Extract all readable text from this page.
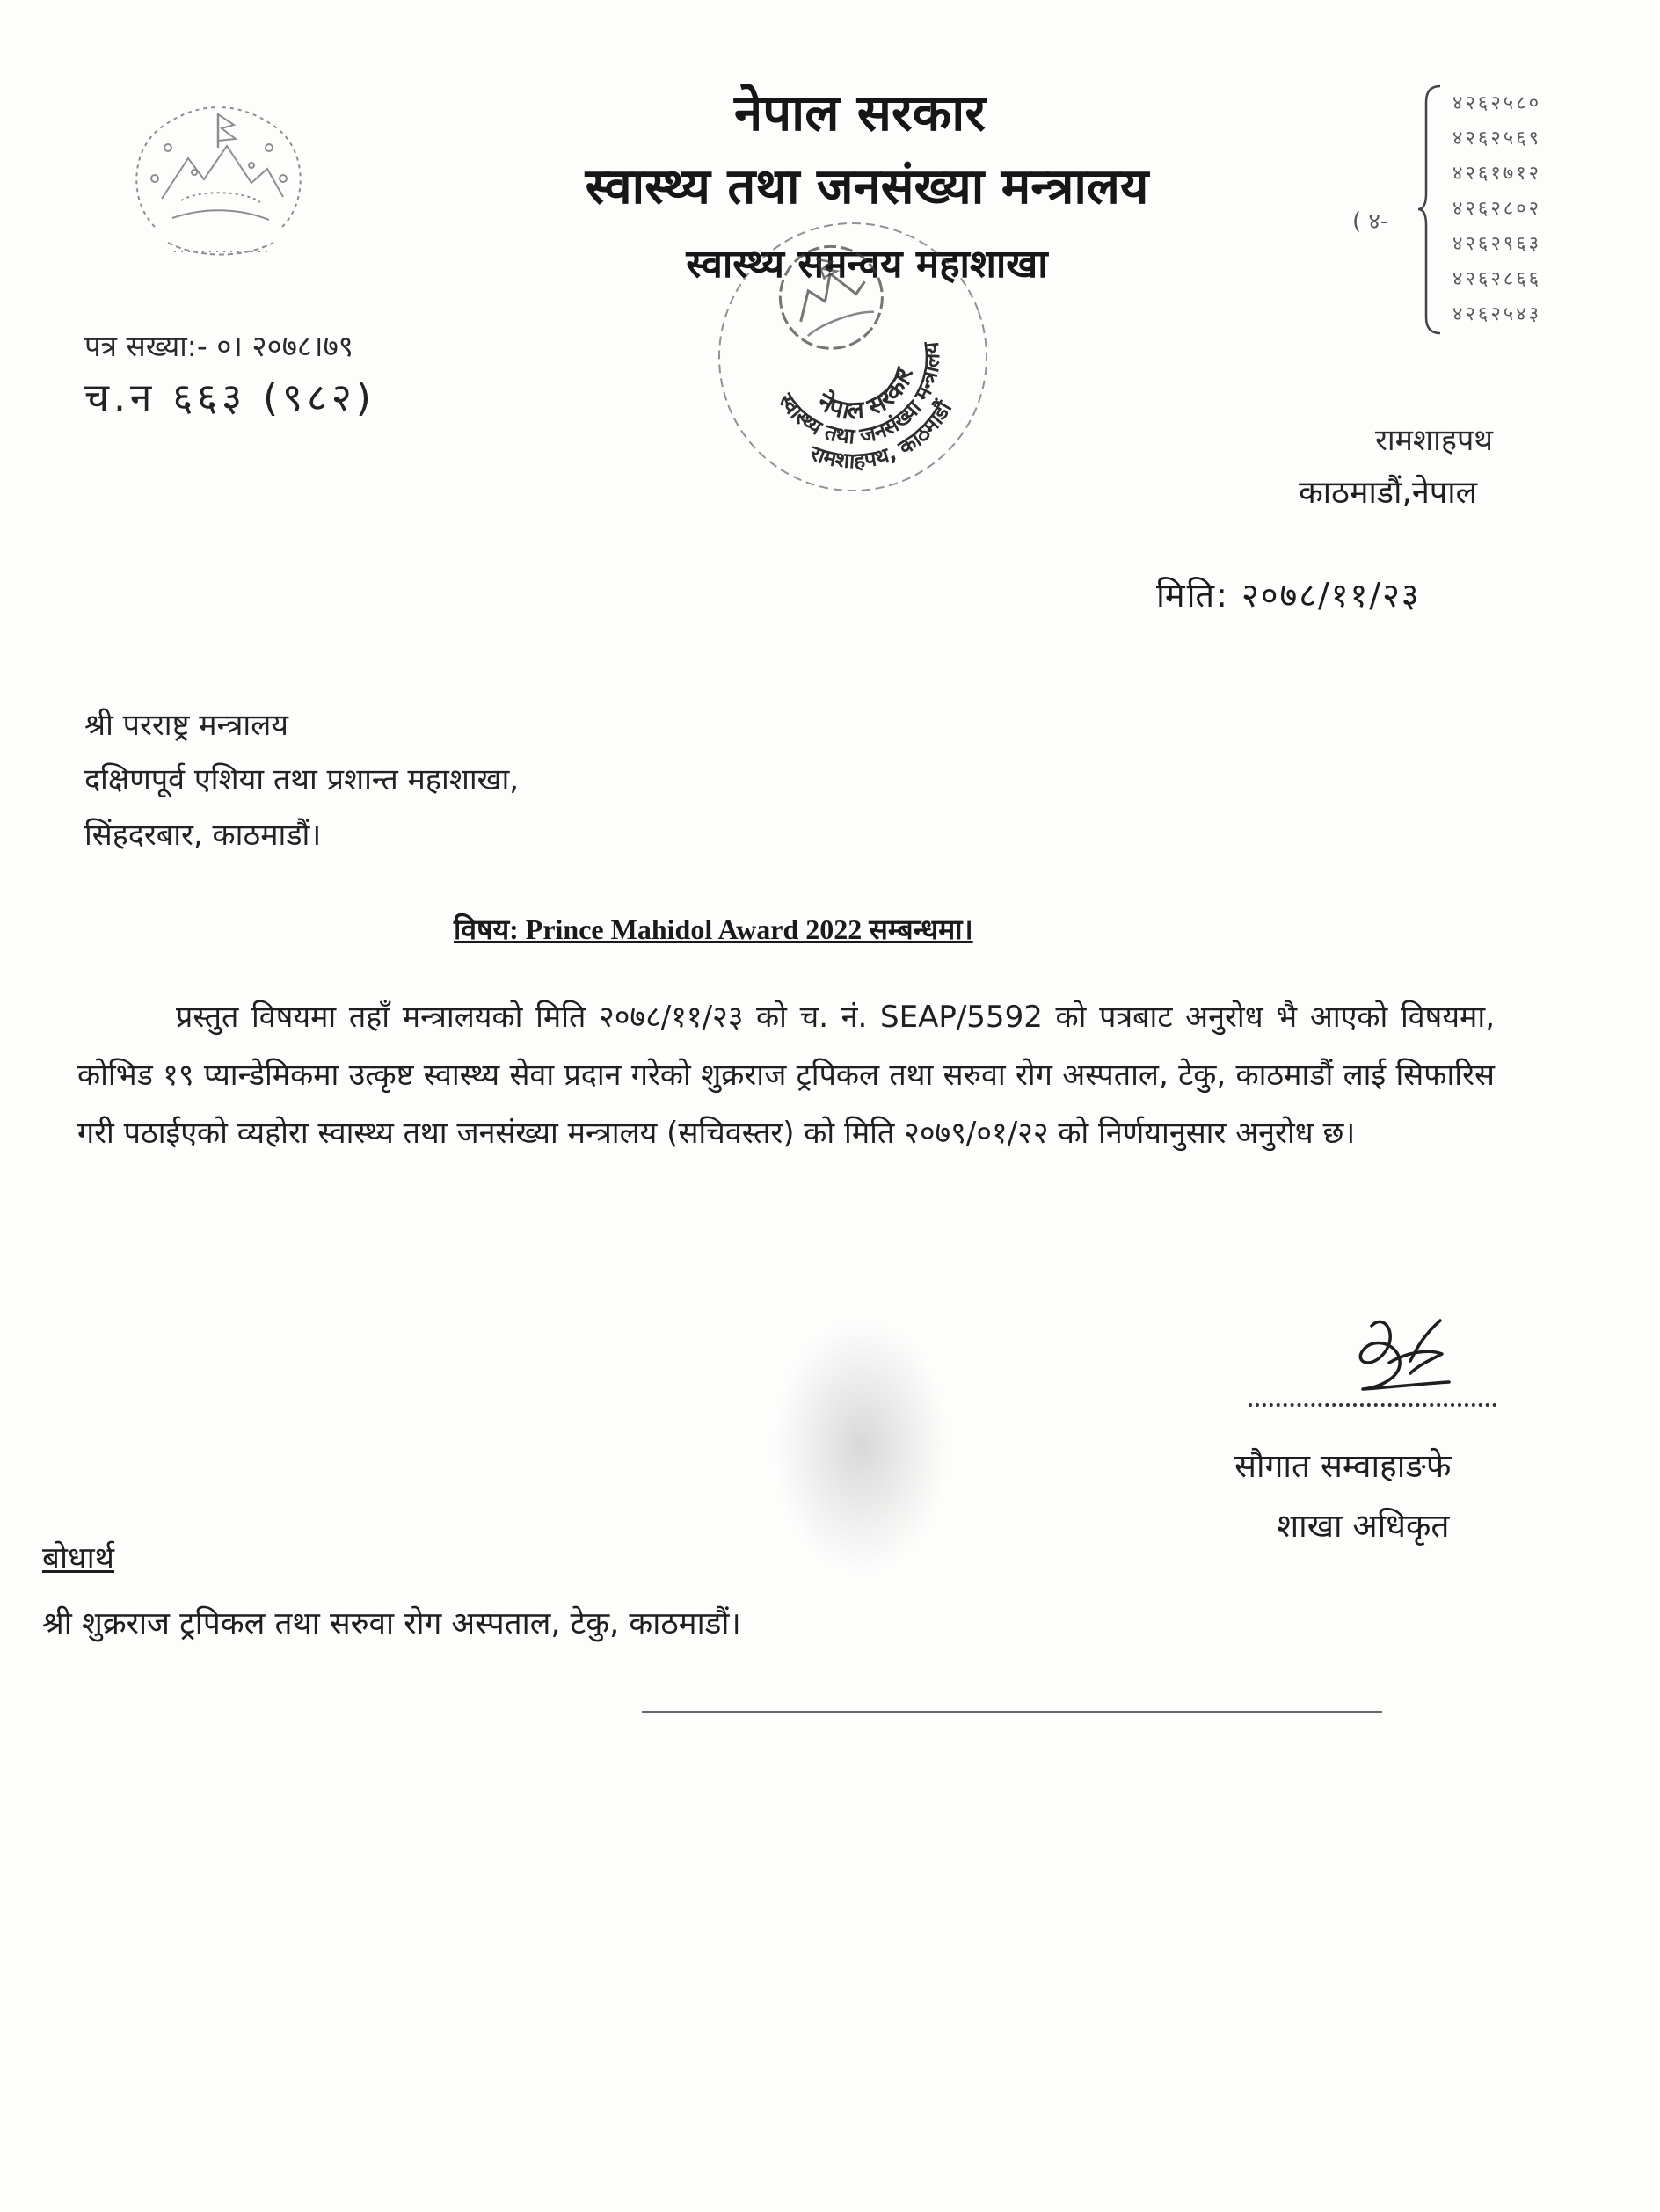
नेपाल सरकार
स्वास्थ्य तथा जनसंख्या मन्त्रालय
स्वास्थ्य समन्वय महाशाखा
नेपाल सरकार
स्वास्थ्य तथा जनसंख्या मन्त्रालय
रामशाहपथ, काठमाडौं
( ४-
४२६२५८०
४२६२५६९
४२६१७१२
४२६२८०२
४२६२९६३
४२६२८६६
४२६२५४३
पत्र सख्या:- ०। २०७८।७९
च.न ६६३ (९८२)
रामशाहपथ
काठमाडौं,नेपाल
मिति: २०७८/११/२३
श्री परराष्ट्र मन्त्रालय
दक्षिणपूर्व एशिया तथा प्रशान्त महाशाखा,
सिंहदरबार, काठमाडौं।
विषय: Prince Mahidol Award 2022 सम्बन्धमा।
प्रस्तुत विषयमा तहाँ मन्त्रालयको मिति २०७८/११/२३ को च. नं. SEAP/5592 को पत्रबाट अनुरोध भै आएको विषयमा, कोभिड १९ प्यान्डेमिकमा उत्कृष्ट स्वास्थ्य सेवा प्रदान गरेको शुक्रराज ट्रपिकल तथा सरुवा रोग अस्पताल, टेकु, काठमाडौं लाई सिफारिस गरी पठाईएको व्यहोरा स्वास्थ्य तथा जनसंख्या मन्त्रालय (सचिवस्तर) को मिति २०७९/०१/२२ को निर्णयानुसार अनुरोध छ।
सौगात सम्वाहाङफे
शाखा अधिकृत
बोधार्थ
श्री शुक्रराज ट्रपिकल तथा सरुवा रोग अस्पताल, टेकु, काठमाडौं।
